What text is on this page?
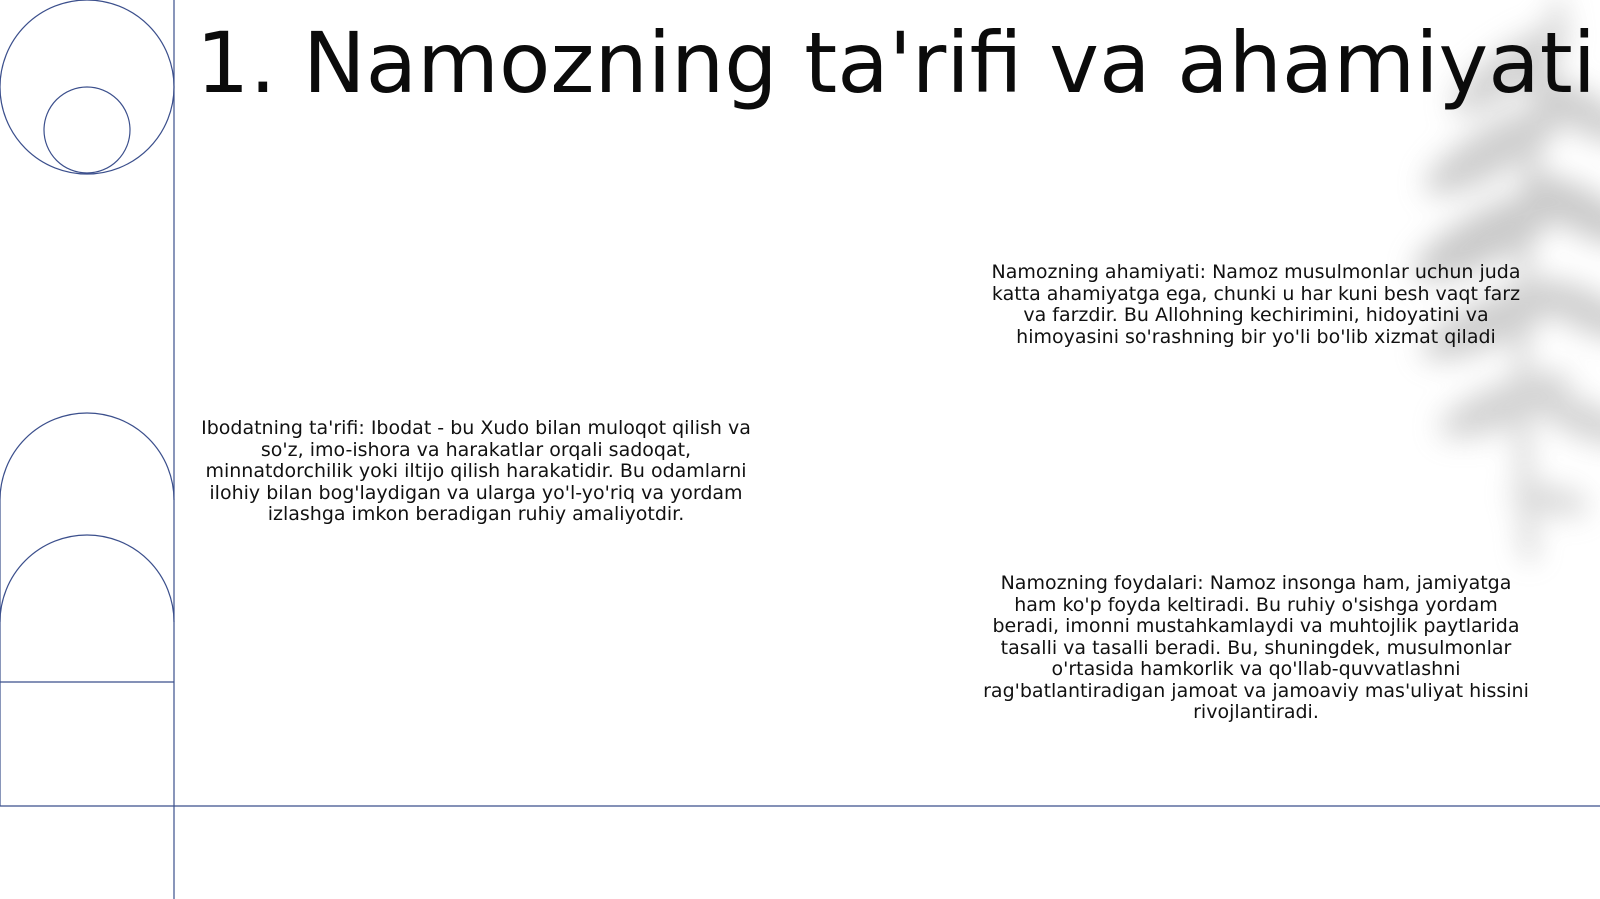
1. Namozning ta'rifi va ahamiyati

Ibodatning ta'rifi: Ibodat - bu Xudo bilan muloqot qilish va so'z, imo-ishora va harakatlar orqali sadoqat, minnatdorchilik yoki iltijo qilish harakatidir. Bu odamlarni ilohiy bilan bog'laydigan va ularga yo'l-yo'riq va yordam izlashga imkon beradigan ruhiy amaliyotdir.

Namozning ahamiyati: Namoz musulmonlar uchun juda katta ahamiyatga ega, chunki u har kuni besh vaqt farz va farzdir. Bu Allohning kechirimini, hidoyatini va himoyasini so'rashning bir yo'li bo'lib xizmat qiladi

Namozning foydalari: Namoz insonga ham, jamiyatga ham ko'p foyda keltiradi. Bu ruhiy o'sishga yordam beradi, imonni mustahkamlaydi va muhtojlik paytlarida tasalli va tasalli beradi. Bu, shuningdek, musulmonlar o'rtasida hamkorlik va qo'llab-quvvatlashni rag'batlantiradigan jamoat va jamoaviy mas'uliyat hissini rivojlantiradi.
